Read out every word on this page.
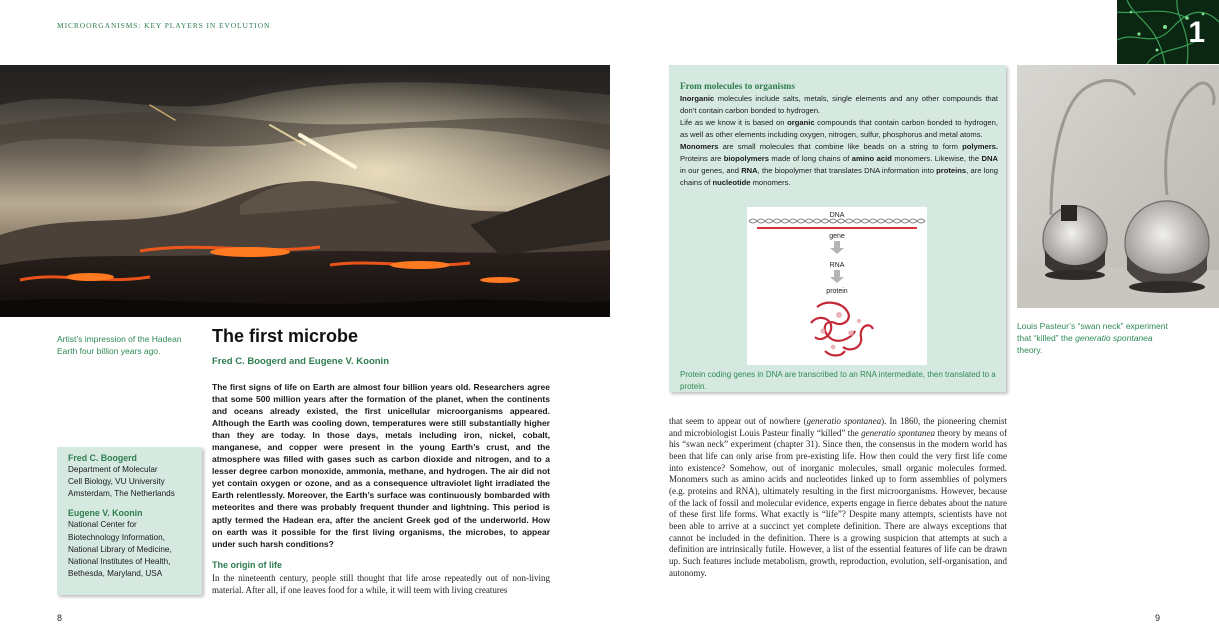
MICROORGANISMS: KEY PLAYERS IN EVOLUTION	1
Artist’s impression of the Hadean Earth four billion years ago.
The first microbe
Fred C. Boogerd and Eugene V. Koonin
The first signs of life on Earth are almost four billion years old. Researchers agree that some 500 million years after the formation of the planet, when the continents and oceans already existed, the first unicellular microorganisms appeared. Although the Earth was cooling down, temperatures were still substantially higher than they are today. In those days, metals including iron, nickel, cobalt, manganese, and copper were present in the young Earth’s crust, and the atmosphere was filled with gases such as carbon dioxide and nitrogen, and to a lesser degree carbon monoxide, ammonia, methane, and hydrogen. The air did not yet contain oxygen or ozone, and as a consequence ultraviolet light irradiated the Earth relentlessly. Moreover, the Earth’s surface was continuously bombarded with meteorites and there was probably frequent thunder and lightning. This period is aptly termed the Hadean era, after the ancient Greek god of the underworld. How on earth was it possible for the first living organisms, the microbes, to appear under such harsh conditions?
The origin of life
In the nineteenth century, people still thought that life arose repeatedly out of non-living material. After all, if one leaves food for a while, it will teem with living creatures
Fred C. Boogerd
Department of Molecular
Cell Biology, VU University
Amsterdam, The Netherlands
Eugene V. Koonin
National Center for
Biotechnology Information,
National Library of Medicine,
National Institutes of Health,
Bethesda, Maryland, USA
From molecules to organisms
Inorganic molecules include salts, metals, single elements and any other compounds that don’t contain carbon bonded to hydrogen.
Life as we know it is based on organic compounds that contain carbon bonded to hydrogen, as well as other elements including oxygen, nitrogen, sulfur, phosphorus and metal atoms.
Monomers are small molecules that combine like beads on a string to form polymers. Proteins are biopolymers made of long chains of amino acid monomers. Likewise, the DNA in our genes, and RNA, the biopolymer that translates DNA information into proteins, are long chains of nucleotide monomers.
DNA
gene
RNA
protein
Protein coding genes in DNA are transcribed to an RNA intermediate, then translated to a protein.
Louis Pasteur’s “swan neck” experiment that “killed” the generatio spontanea theory.
that seem to appear out of nowhere (generatio spontanea). In 1860, the pioneering chemist and microbiologist Louis Pasteur finally “killed” the generatio spontanea theory by means of his “swan neck” experiment (chapter 31). Since then, the consensus in the modern world has been that life can only arise from pre-existing life. How then could the very first life come into existence? Somehow, out of inorganic molecules, small organic molecules formed. Monomers such as amino acids and nucleotides linked up to form assemblies of polymers (e.g. proteins and RNA), ultimately resulting in the first microorganisms. However, because of the lack of fossil and molecular evidence, experts engage in fierce debates about the nature of these first life forms. What exactly is “life”? Despite many attempts, scientists have not been able to arrive at a succinct yet complete definition. There are always exceptions that cannot be included in the definition. There is a growing suspicion that attempts at such a definition are intrinsically futile. However, a list of the essential features of life can be drawn up. Such features include metabolism, growth, reproduction, evolution, self-organisation, and autonomy.
8	9
